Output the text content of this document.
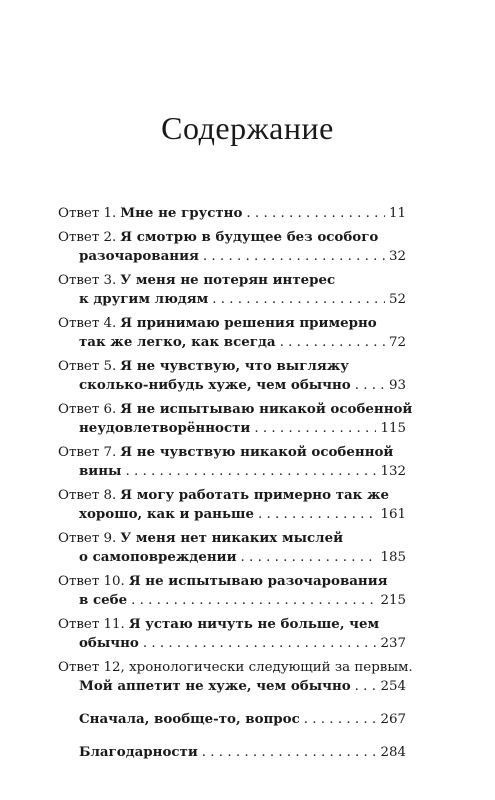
Содержание
Ответ 1. Мне не грустно . . .	11
Ответ 2. Я смотрю в будущее без особого
разочарования . . .	32
Ответ 3. У меня не потерян интерес
к другим людям . . .	52
Ответ 4. Я принимаю решения примерно
так же легко, как всегда . . .	72
Ответ 5. Я не чувствую, что выгляжу
сколько-нибудь хуже, чем обычно . . .	93
Ответ 6. Я не испытываю никакой особенной
неудовлетворённости . . .	115
Ответ 7. Я не чувствую никакой особенной
вины . . .	132
Ответ 8. Я могу работать примерно так же
хорошо, как и раньше . . .	161
Ответ 9. У меня нет никаких мыслей
о самоповреждении . . .	185
Ответ 10. Я не испытываю разочарования
в себе . . .	215
Ответ 11. Я устаю ничуть не больше, чем
обычно . . .	237
Ответ 12, хронологически следующий за первым.
Мой аппетит не хуже, чем обычно . . . 254
Сначала, вообще-то, вопрос . . .	267
Благодарности . . .	284
